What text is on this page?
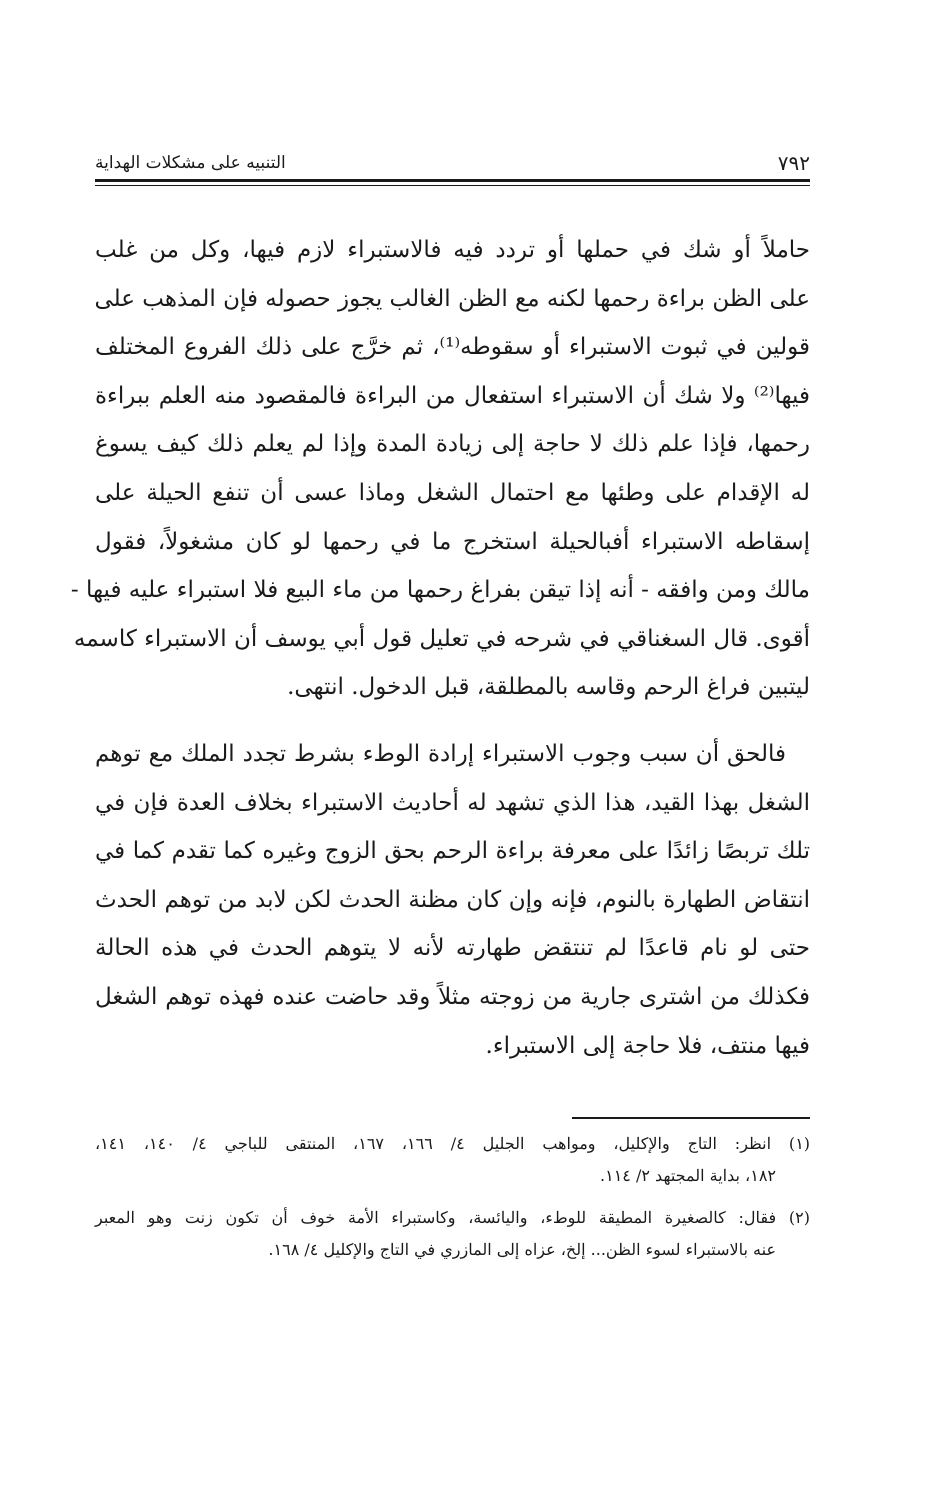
٧٩٢
التنبيه على مشكلات الهداية
حاملاً أو شك في حملها أو تردد فيه فالاستبراء لازم فيها، وكل من غلب
على الظن براءة رحمها لكنه مع الظن الغالب يجوز حصوله فإن المذهب على
قولين في ثبوت الاستبراء أو سقوطه⁽¹⁾، ثم خرَّج على ذلك الفروع المختلف
فيها⁽²⁾ ولا شك أن الاستبراء استفعال من البراءة فالمقصود منه العلم ببراءة
رحمها، فإذا علم ذلك لا حاجة إلى زيادة المدة وإذا لم يعلم ذلك كيف يسوغ
له الإقدام على وطئها مع احتمال الشغل وماذا عسى أن تنفع الحيلة على
إسقاطه الاستبراء أفبالحيلة استخرج ما في رحمها لو كان مشغولاً، فقول
مالك ومن وافقه - أنه إذا تيقن بفراغ رحمها من ماء البيع فلا استبراء عليه فيها -
أقوى. قال السغناقي في شرحه في تعليل قول أبي يوسف أن الاستبراء كاسمه
ليتبين فراغ الرحم وقاسه بالمطلقة، قبل الدخول. انتهى.
فالحق أن سبب وجوب الاستبراء إرادة الوطء بشرط تجدد الملك مع توهم
الشغل بهذا القيد، هذا الذي تشهد له أحاديث الاستبراء بخلاف العدة فإن في
تلك تربصًا زائدًا على معرفة براءة الرحم بحق الزوج وغيره كما تقدم كما في
انتقاض الطهارة بالنوم، فإنه وإن كان مظنة الحدث لكن لابد من توهم الحدث
حتى لو نام قاعدًا لم تنتقض طهارته لأنه لا يتوهم الحدث في هذه الحالة
فكذلك من اشترى جارية من زوجته مثلاً وقد حاضت عنده فهذه توهم الشغل
فيها منتف، فلا حاجة إلى الاستبراء.
(١) انظر: التاج والإكليل، ومواهب الجليل ٤/ ١٦٦، ١٦٧، المنتقى للباجي ٤/ ١٤٠، ١٤١،
١٨٢، بداية المجتهد ٢/ ١١٤.
(٢) فقال: كالصغيرة المطيقة للوطء، واليائسة، وكاستبراء الأمة خوف أن تكون زنت وهو المعبر
عنه بالاستبراء لسوء الظن... إلخ، عزاه إلى المازري في التاج والإكليل ٤/ ١٦٨.
